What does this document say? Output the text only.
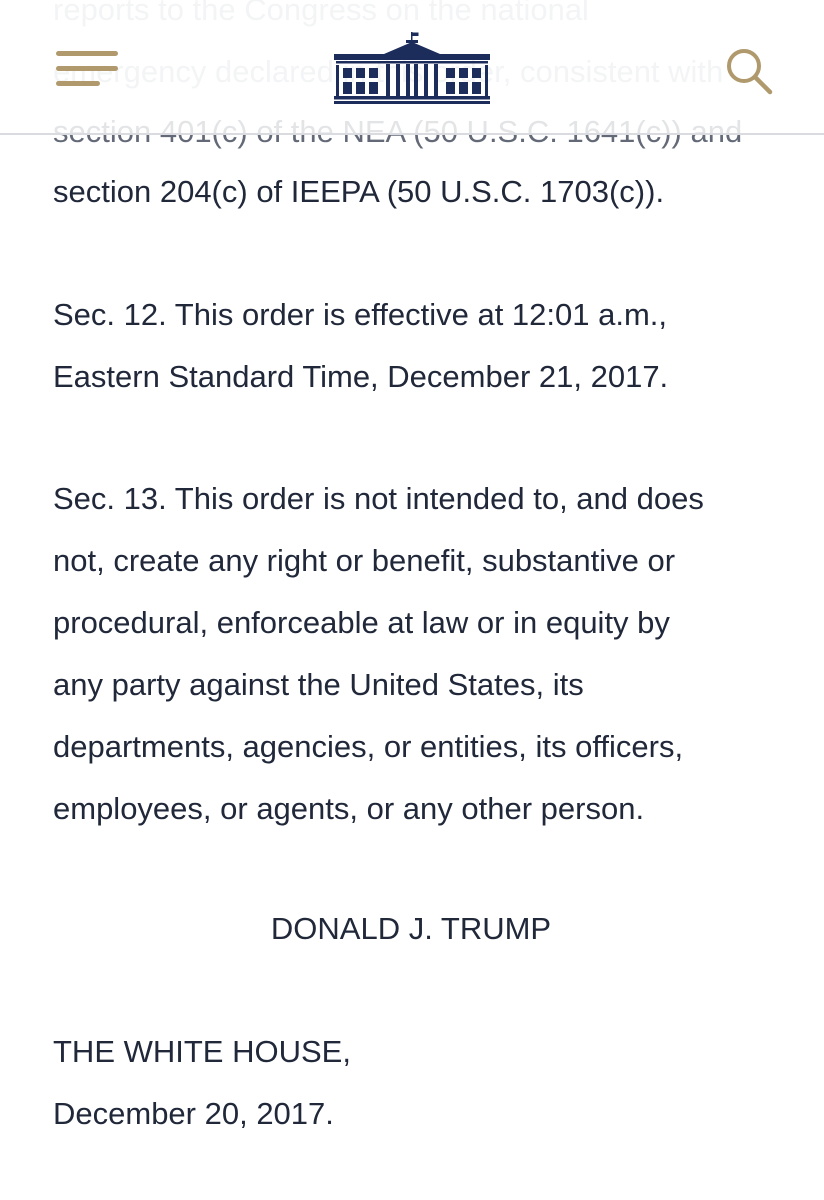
section 204(c) of IEEPA (50 U.S.C. 1703(c)).

Sec. 12. This order is effective at 12:01 a.m.,
Eastern Standard Time, December 21, 2017.

Sec. 13. This order is not intended to, and does
not, create any right or benefit, substantive or
procedural, enforceable at law or in equity by
any party against the United States, its
departments, agencies, or entities, its officers,
employees, or agents, or any other person.

DONALD J. TRUMP

THE WHITE HOUSE,
December 20, 2017.
